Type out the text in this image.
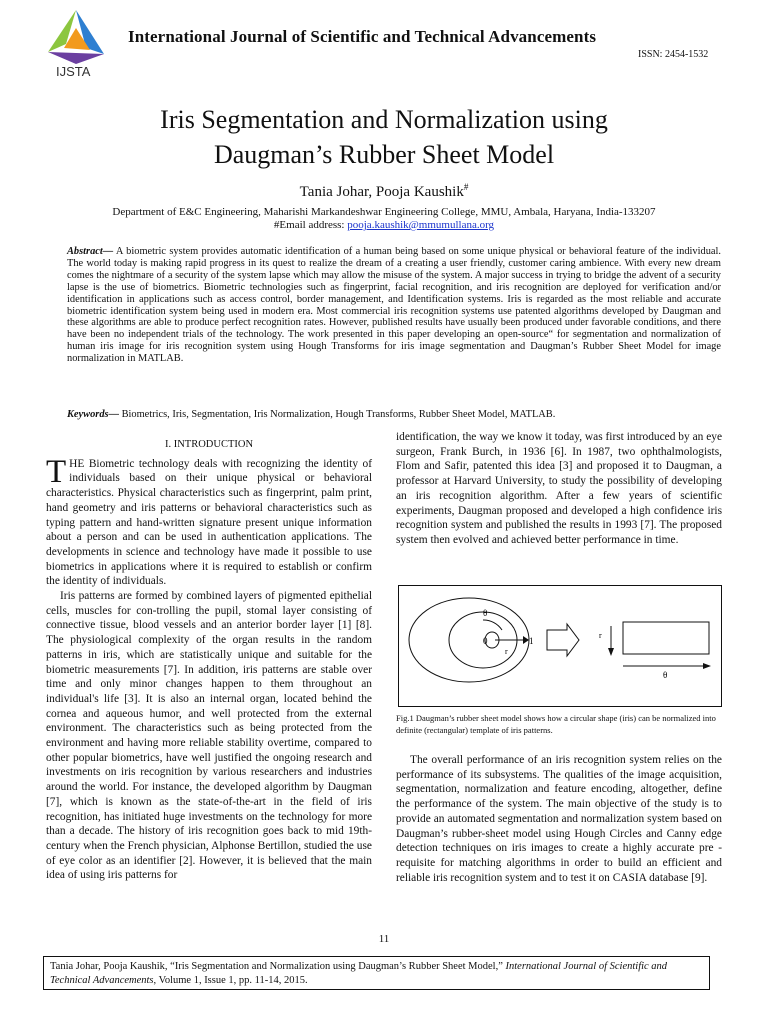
IJSTA
International Journal of Scientific and Technical Advancements
ISSN: 2454-1532
Iris Segmentation and Normalization using
Daugman’s Rubber Sheet Model
Tania Johar, Pooja Kaushik#
Department of E&C Engineering, Maharishi Markandeshwar Engineering College, MMU, Ambala, Haryana, India-133207
#Email address: pooja.kaushik@mmumullana.org
Abstract— A biometric system provides automatic identification of a human being based on some unique physical or behavioral feature of the individual. The world today is making rapid progress in its quest to realize the dream of a creating a user friendly, customer caring ambience. With every new dream comes the nightmare of a security of the system lapse which may allow the misuse of the system. A major success in trying to bridge the advent of a security lapse is the use of biometrics. Biometric technologies such as fingerprint, facial recognition, and iris recognition are deployed for verification and/or identification in applications such as access control, border management, and Identification systems. Iris is regarded as the most reliable and accurate biometric identification system being used in modern era. Most commercial iris recognition systems use patented algorithms developed by Daugman and these algorithms are able to produce perfect recognition rates. However, published results have usually been produced under favorable conditions, and there have been no independent trials of the technology. The work presented in this paper developing an open-source“ for segmentation and normalization of human iris image for iris recognition system using Hough Transforms for iris image segmentation and Daugman’s Rubber Sheet Model for image normalization in MATLAB.
Keywords— Biometrics, Iris, Segmentation, Iris Normalization, Hough Transforms, Rubber Sheet Model, MATLAB.
I. INTRODUCTION

THE Biometric technology deals with recognizing the identity of individuals based on their unique physical or behavioral characteristics. Physical characteristics such as fingerprint, palm print, hand geometry and iris patterns or behavioral characteristics such as typing pattern and hand-written signature present unique information about a person and can be used in authentication applications. The developments in science and technology have made it possible to use biometrics in applications where it is required to establish or confirm the identity of individuals.

Iris patterns are formed by combined layers of pigmented epithelial cells, muscles for con-trolling the pupil, stomal layer consisting of connective tissue, blood vessels and an anterior border layer [1] [8]. The physiological complexity of the organ results in the random patterns in iris, which are statistically unique and suitable for the biometric measurements [7]. In addition, iris patterns are stable over time and only minor changes happen to them throughout an individual's life [3]. It is also an internal organ, located behind the cornea and aqueous humor, and well protected from the external environment. The characteristics such as being protected from the environment and having more reliable stability overtime, compared to other popular biometrics, have well justified the ongoing research and investments on iris recognition by various researchers and industries around the world. For instance, the developed algorithm by Daugman [7], which is known as the state-of-the-art in the field of iris recognition, has initiated huge investments on the technology for more than a decade. The history of iris recognition goes back to mid 19th-century when the French physician, Alphonse Bertillon, studied the use of eye color as an identifier [2]. However, it is believed that the main idea of using iris patterns for

identification, the way we know it today, was first introduced by an eye surgeon, Frank Burch, in 1936 [6]. In 1987, two ophthalmologists, Flom and Safir, patented this idea [3] and proposed it to Daugman, a professor at Harvard University, to study the possibility of developing an iris recognition algorithm. After a few years of scientific experiments, Daugman proposed and developed a high confidence iris recognition system and published the results in 1993 [7]. The proposed system then evolved and achieved better performance in time.

θ
0
r
1
r
θ
Fig.1 Daugman’s rubber sheet model shows how a circular shape (iris) can be normalized into definite (rectangular) template of iris patterns.

The overall performance of an iris recognition system relies on the performance of its subsystems. The qualities of the image acquisition, segmentation, normalization and feature encoding, altogether, define the performance of the system. The main objective of the study is to provide an automated segmentation and normalization system based on Daugman’s rubber-sheet model using Hough Circles and Canny edge detection techniques on iris images to create a highly accurate pre -requisite for matching algorithms in order to build an efficient and reliable iris recognition system and to test it on CASIA database [9].

11
Tania Johar, Pooja Kaushik, “Iris Segmentation and Normalization using Daugman’s Rubber Sheet Model,” International Journal of Scientific and Technical Advancements, Volume 1, Issue 1, pp. 11-14, 2015.
